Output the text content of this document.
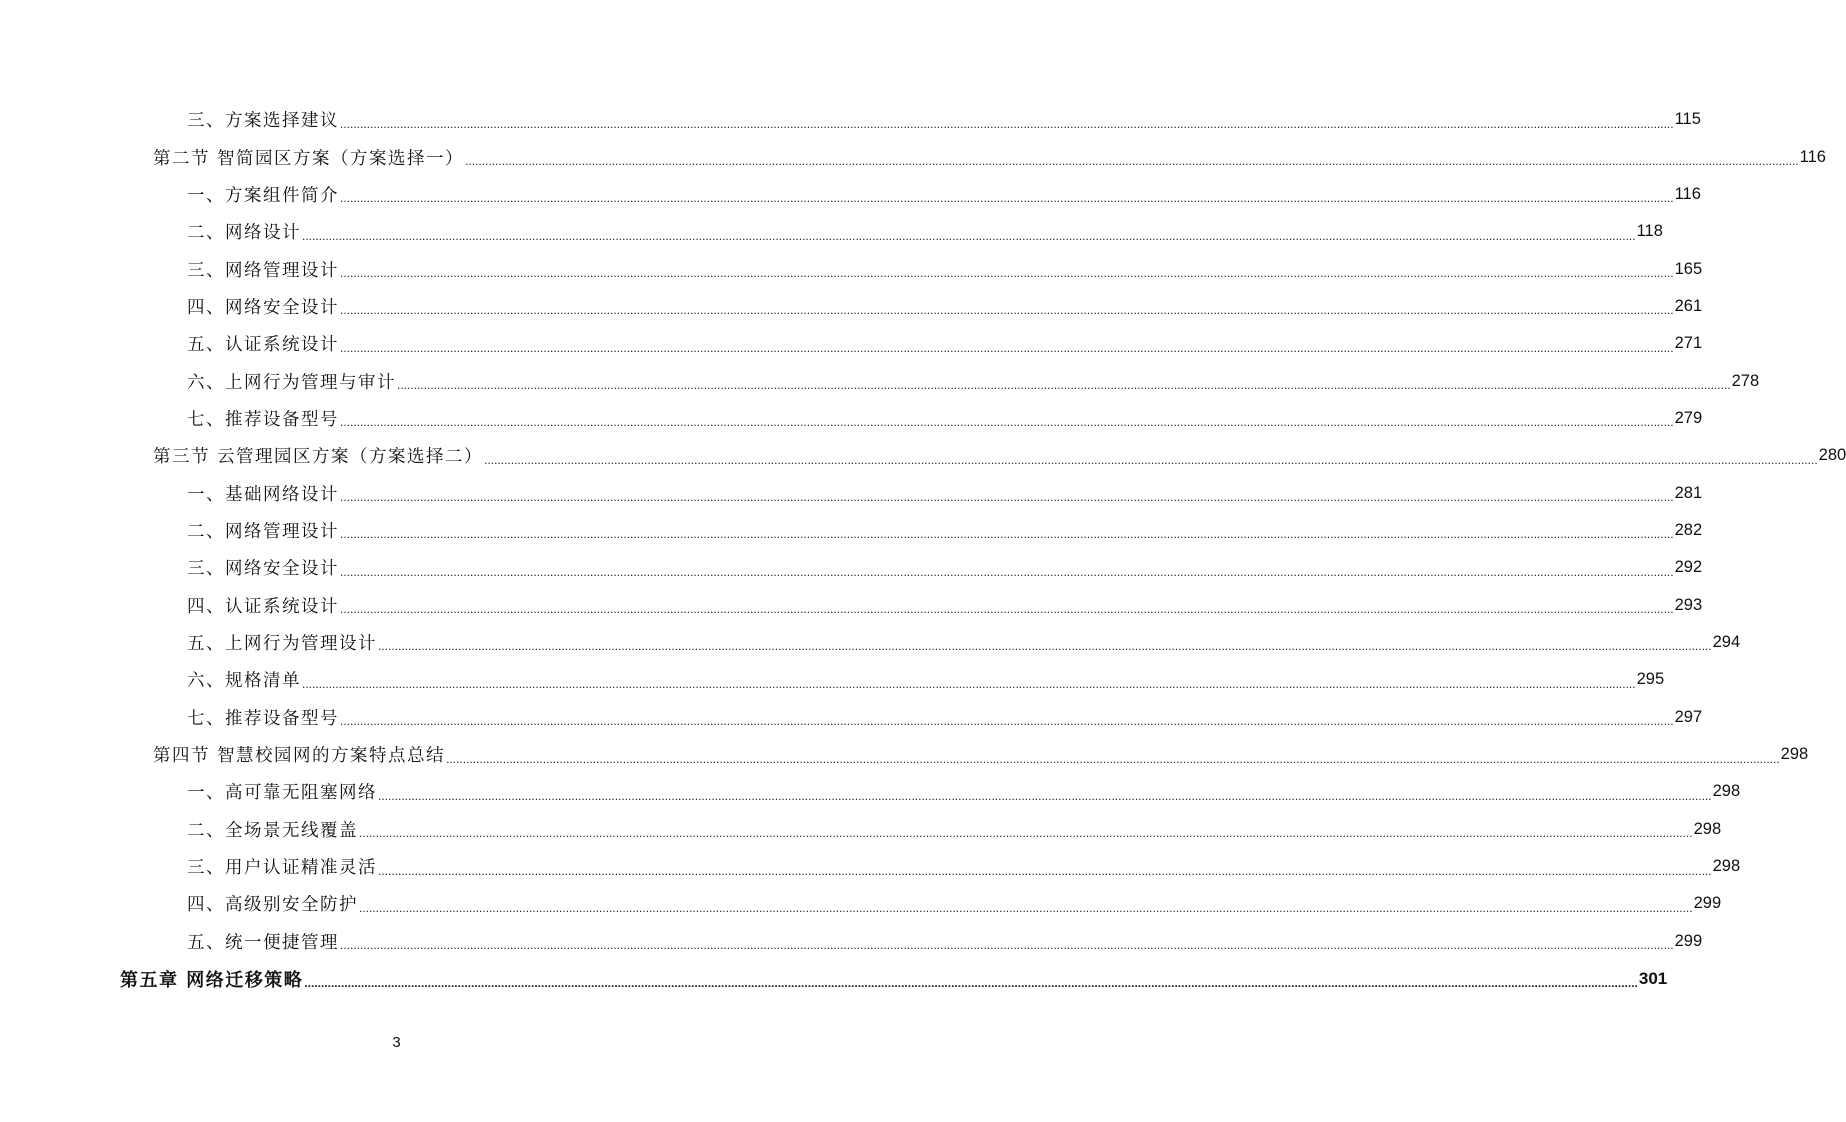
三、方案选择建议 ................................................................................................................................................................................................................................................................................................................................................................................................................ 115
第二节 智简园区方案（方案选择一） ................................................................................................................................................................................................................................................................................................................................................................................................................ 116
一、方案组件简介 ................................................................................................................................................................................................................................................................................................................................................................................................................ 116
二、网络设计 ................................................................................................................................................................................................................................................................................................................................................................................................................ 118
三、网络管理设计 ................................................................................................................................................................................................................................................................................................................................................................................................................ 165
四、网络安全设计 ................................................................................................................................................................................................................................................................................................................................................................................................................ 261
五、认证系统设计 ................................................................................................................................................................................................................................................................................................................................................................................................................ 271
六、上网行为管理与审计 ................................................................................................................................................................................................................................................................................................................................................................................................................ 278
七、推荐设备型号 ................................................................................................................................................................................................................................................................................................................................................................................................................ 279
第三节 云管理园区方案（方案选择二） ................................................................................................................................................................................................................................................................................................................................................................................................................ 280
一、基础网络设计 ................................................................................................................................................................................................................................................................................................................................................................................................................ 281
二、网络管理设计 ................................................................................................................................................................................................................................................................................................................................................................................................................ 282
三、网络安全设计 ................................................................................................................................................................................................................................................................................................................................................................................................................ 292
四、认证系统设计 ................................................................................................................................................................................................................................................................................................................................................................................................................ 293
五、上网行为管理设计 ................................................................................................................................................................................................................................................................................................................................................................................................................ 294
六、规格清单 ................................................................................................................................................................................................................................................................................................................................................................................................................ 295
七、推荐设备型号 ................................................................................................................................................................................................................................................................................................................................................................................................................ 297
第四节 智慧校园网的方案特点总结 ................................................................................................................................................................................................................................................................................................................................................................................................................ 298
一、高可靠无阻塞网络 ................................................................................................................................................................................................................................................................................................................................................................................................................ 298
二、全场景无线覆盖 ................................................................................................................................................................................................................................................................................................................................................................................................................ 298
三、用户认证精准灵活 ................................................................................................................................................................................................................................................................................................................................................................................................................ 298
四、高级别安全防护 ................................................................................................................................................................................................................................................................................................................................................................................................................ 299
五、统一便捷管理 ................................................................................................................................................................................................................................................................................................................................................................................................................ 299
第五章 网络迁移策略 ................................................................................................................................................................................................................................................................................................................................................................................................................ 301
3
